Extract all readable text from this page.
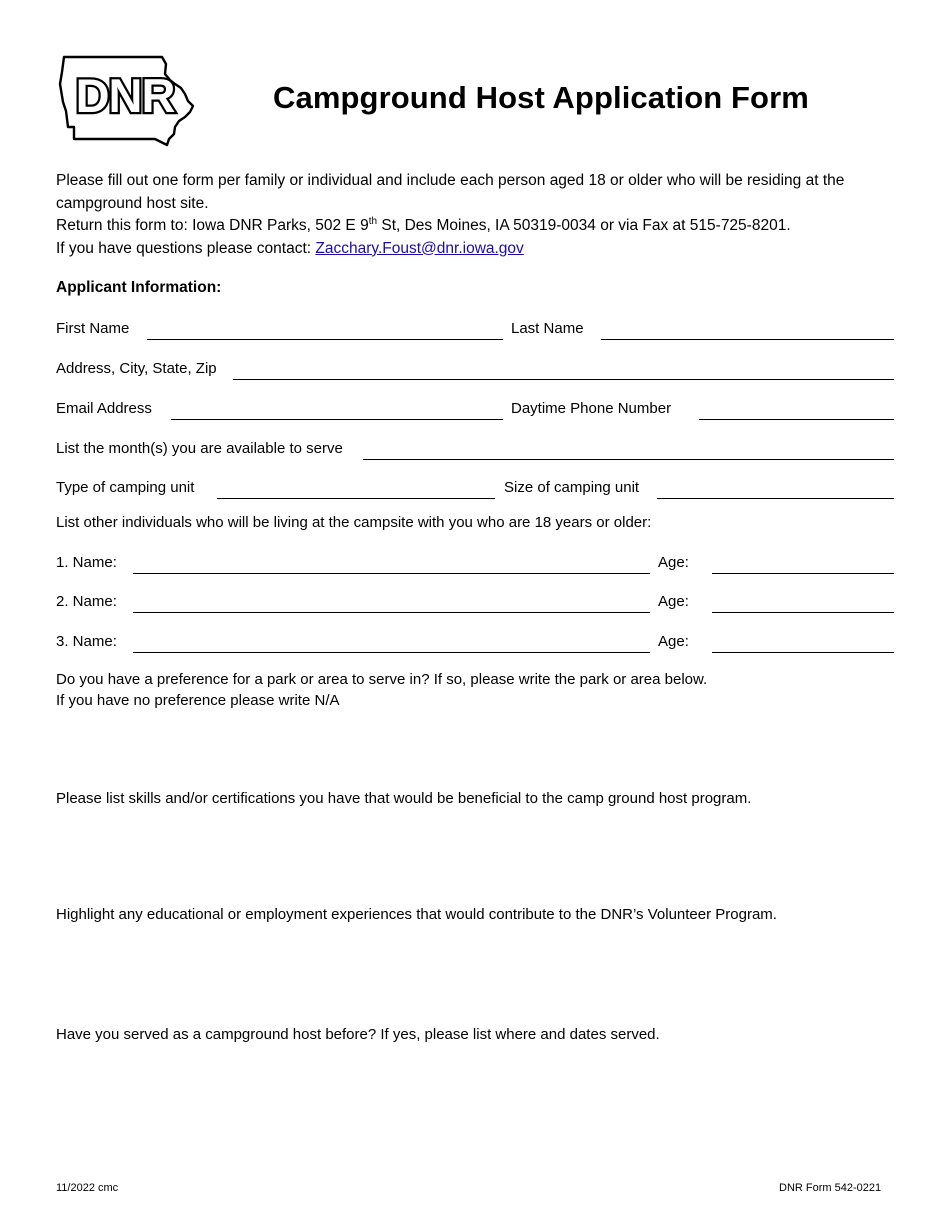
DNR	Campground Host Application Form

Please fill out one form per family or individual and include each person aged 18 or older who will be residing at the campground host site.

Return this form to: Iowa DNR Parks, 502 E 9th St, Des Moines, IA 50319-0034 or via Fax at 515-725-8201.

If you have questions please contact: Zacchary.Foust@dnr.iowa.gov

Applicant Information:
First Name	Last Name
Address, City, State, Zip
Email Address	Daytime Phone Number
List the month(s) you are available to serve
Type of camping unit	Size of camping unit
List other individuals who will be living at the campsite with you who are 18 years or older:
1. Name:	Age:
2. Name:	Age:
3. Name:	Age:

Do you have a preference for a park or area to serve in? If so, please write the park or area below.

If you have no preference please write N/A

Please list skills and/or certifications you have that would be beneficial to the camp ground host program.
Highlight any educational or employment experiences that would contribute to the DNR’s Volunteer Program.
Have you served as a campground host before? If yes, please list where and dates served.
11/2022 cmc	DNR Form 542-0221
